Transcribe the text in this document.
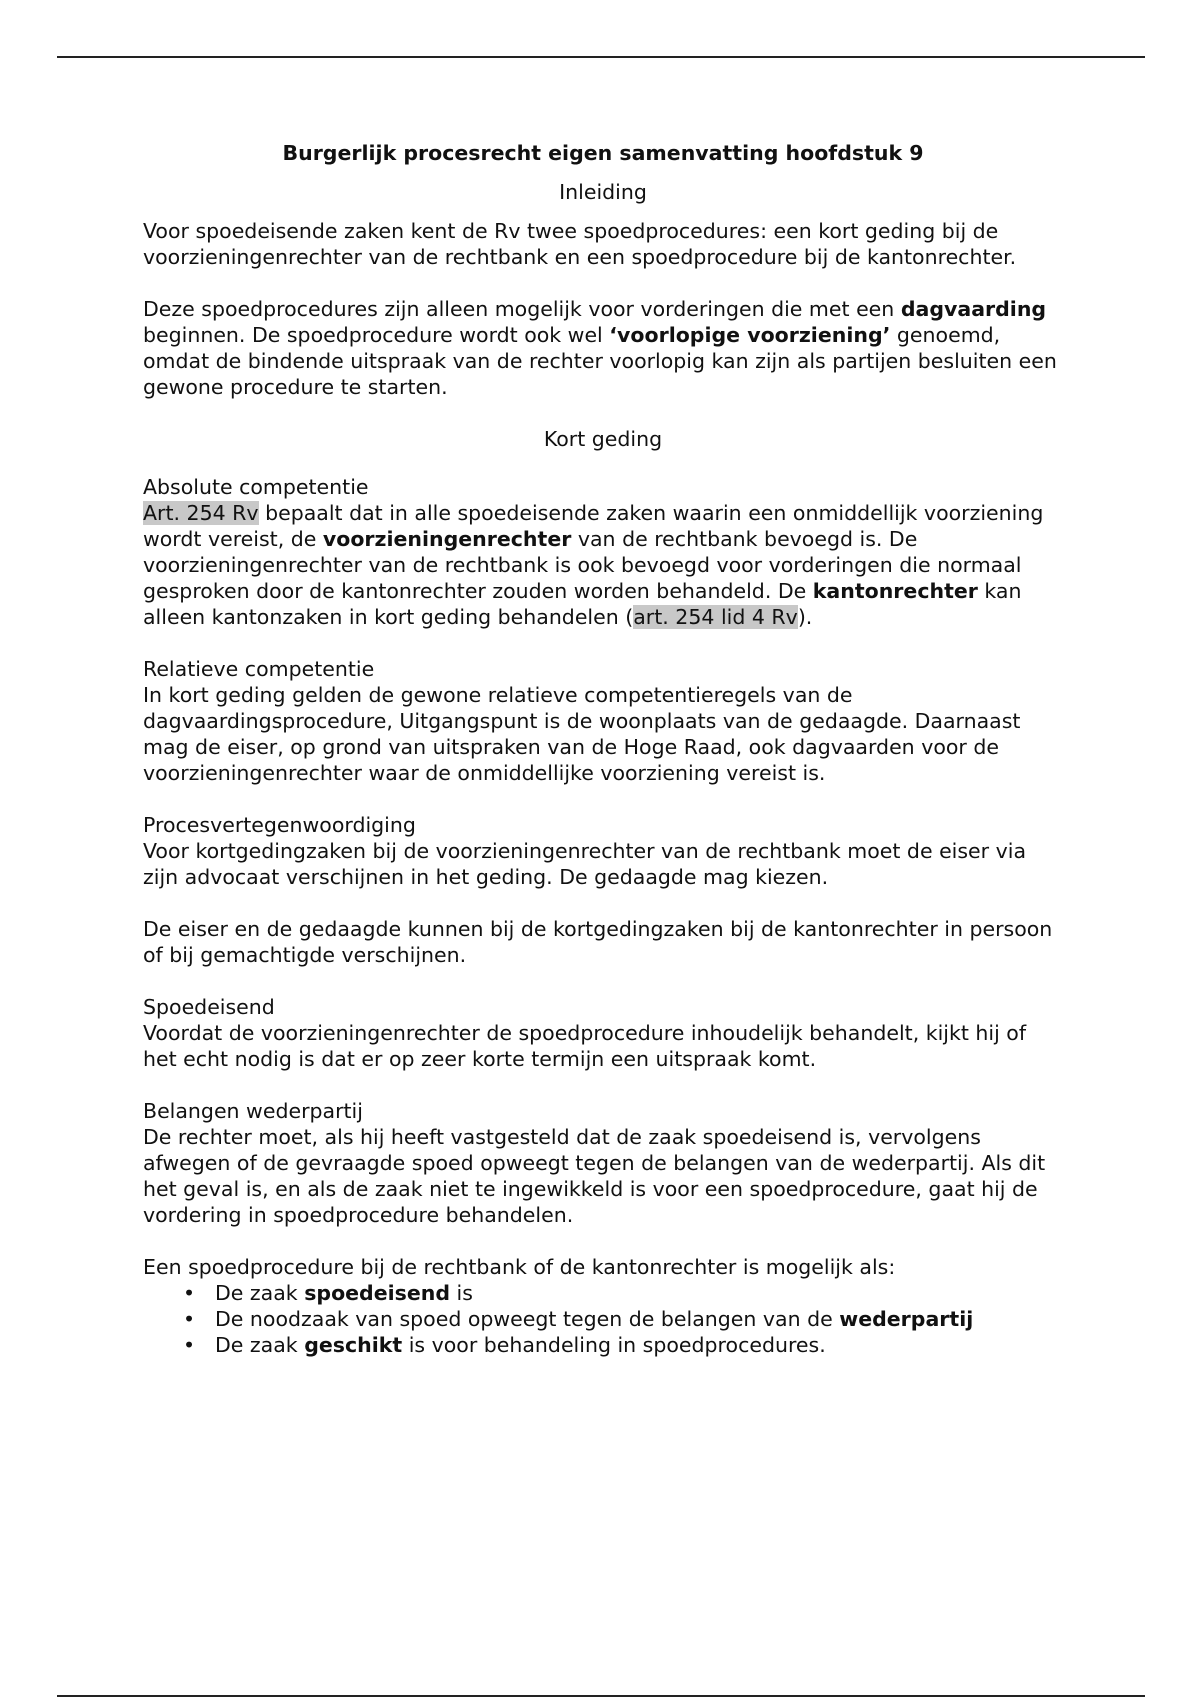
Burgerlijk procesrecht eigen samenvatting hoofdstuk 9
Inleiding

Voor spoedeisende zaken kent de Rv twee spoedprocedures: een kort geding bij de voorzieningenrechter van de rechtbank en een spoedprocedure bij de kantonrechter.

Deze spoedprocedures zijn alleen mogelijk voor vorderingen die met een dagvaarding beginnen. De spoedprocedure wordt ook wel ‘voorlopige voorziening’ genoemd, omdat de bindende uitspraak van de rechter voorlopig kan zijn als partijen besluiten een gewone procedure te starten.

Kort geding

Absolute competentie
Art. 254 Rv bepaalt dat in alle spoedeisende zaken waarin een onmiddellijk voorziening wordt vereist, de voorzieningenrechter van de rechtbank bevoegd is. De voorzieningenrechter van de rechtbank is ook bevoegd voor vorderingen die normaal gesproken door de kantonrechter zouden worden behandeld. De kantonrechter kan alleen kantonzaken in kort geding behandelen (art. 254 lid 4 Rv).

Relatieve competentie
In kort geding gelden de gewone relatieve competentieregels van de dagvaardingsprocedure, Uitgangspunt is de woonplaats van de gedaagde. Daarnaast mag de eiser, op grond van uitspraken van de Hoge Raad, ook dagvaarden voor de voorzieningenrechter waar de onmiddellijke voorziening vereist is.

Procesvertegenwoordiging
Voor kortgedingzaken bij de voorzieningenrechter van de rechtbank moet de eiser via zijn advocaat verschijnen in het geding. De gedaagde mag kiezen.

De eiser en de gedaagde kunnen bij de kortgedingzaken bij de kantonrechter in persoon of bij gemachtigde verschijnen.

Spoedeisend
Voordat de voorzieningenrechter de spoedprocedure inhoudelijk behandelt, kijkt hij of het echt nodig is dat er op zeer korte termijn een uitspraak komt.

Belangen wederpartij
De rechter moet, als hij heeft vastgesteld dat de zaak spoedeisend is, vervolgens afwegen of de gevraagde spoed opweegt tegen de belangen van de wederpartij. Als dit het geval is, en als de zaak niet te ingewikkeld is voor een spoedprocedure, gaat hij de vordering in spoedprocedure behandelen.

Een spoedprocedure bij de rechtbank of de kantonrechter is mogelijk als:
• De zaak spoedeisend is
• De noodzaak van spoed opweegt tegen de belangen van de wederpartij
• De zaak geschikt is voor behandeling in spoedprocedures.
